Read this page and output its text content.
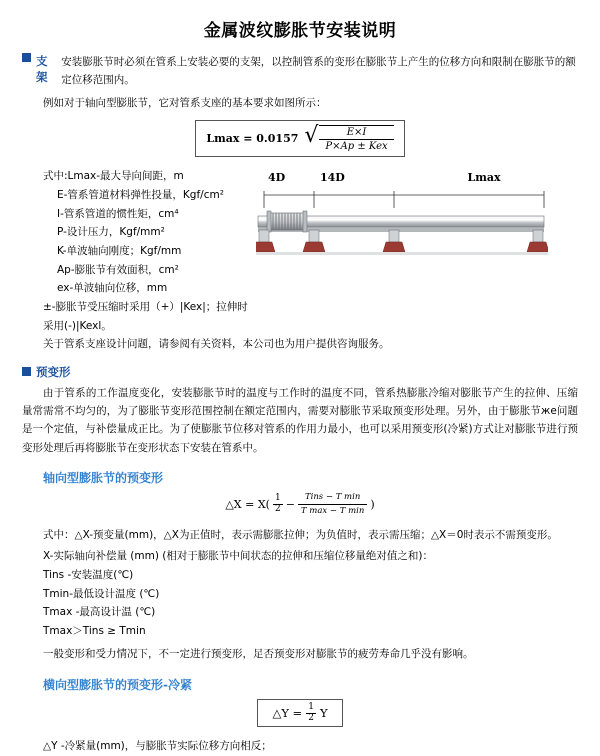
金属波纹膨胀节安装说明
支架
安装膨胀节时必须在管系上安装必要的支架，以控制管系的变形在膨胀节上产生的位移方向和限制在膨胀节的额定位移范围内。

例如对于轴向型膨胀节，它对管系支座的基本要求如图所示：

Lmax = 0.0157 √ $\frac{E\times I}{\text{P×Ap ± Kex}}$
式中:Lmax-最大导向间距，m
E-管系管道材料弹性投量，Kgf/cm²
I-管系管道的惯性矩，cm⁴
P-设计压力，Kgf/mm²
K-单波轴向刚度；Kgf/mm
Ap-膨胀节有效面积，cm²
ex-单波轴向位移，mm
±-膨胀节受压缩时采用（+）|Kex|；拉伸时采用(-)|Kexl。
4D	14D	Lmax

关于管系支座设计问题，请参阅有关资料，本公司也为用户提供咨询服务。

预变形

由于管系的工作温度变化，安装膨胀节时的温度与工作时的温度不同，管系热膨胀冷缩对膨胀节产生的拉伸、压缩量常需常不均匀的，为了膨胀节变形范围控制在额定范围内，需要对膨胀节采取预变形处理。另外，由于膨胀节же问题是一个定值，与补偿量成正比。为了使膨胀节位移对管系的作用力最小，也可以采用预变形(冷紧)方式让对膨胀节进行预变形处理后再将膨胀节在变形状态下安装在管系中。

轴向型膨胀节的预变形
△X = X( 1
2 −
Tins − T min
T max − T min )

式中：△X-预变量(mm)，△X为正值时，表示需膨胀拉伸；为负值时，表示需压缩；△X＝0时表示不需预变形。

X-实际轴向补偿量 (mm) (相对于膨胀节中间状态的拉伸和压缩位移量绝对值之和)：
Tins -安装温度(℃)
Tmin-最低设计温度 (℃)
Tmax -最高设计温 (℃)
Tmax＞Tins ≥ Tmin

一般变形和受力情况下，不一定进行预变形，足否预变形对膨胀节的疲劳寿命几乎没有影响。

横向型膨胀节的预变形-冷紧
△Y = $\frac{1}{2}$ Y

△Y -冷紧量(mm)，与膨胀节实际位移方向相反；
